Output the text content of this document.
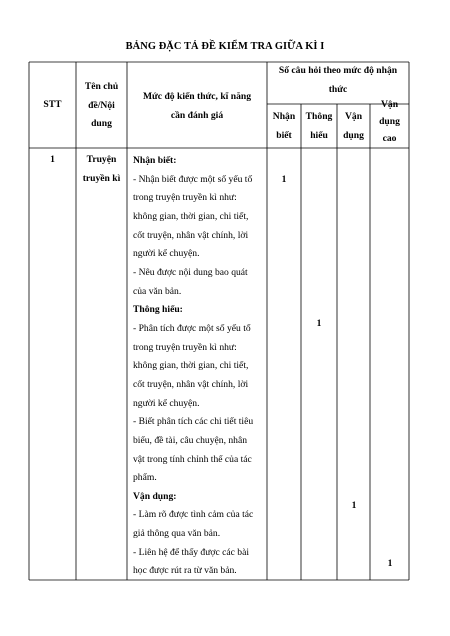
BẢNG ĐẶC TẢ ĐỀ KIỂM TRA GIỮA KÌ I
STT
Tên chủ
đề/Nội
dung
Mức độ kiến thức, kĩ năng
cần đánh giá
Số câu hỏi theo mức độ nhận
thức
Nhận
biết
Thông
hiểu
Vận
dụng
Vận
dụng
cao
1	Truyện
truyền kì
Nhận biết:
- Nhận biết được một số yếu tố
trong truyện truyền kì như:
không gian, thời gian, chi tiết,
cốt truyện, nhân vật chính, lời
người kể chuyện.
- Nêu được nội dung bao quát
của văn bản.
Thông hiểu:
- Phân tích được một số yếu tố
trong truyện truyền kì như:
không gian, thời gian, chi tiết,
cốt truyện, nhân vật chính, lời
người kể chuyện.
- Biết phân tích các chi tiết tiêu
biểu, đề tài, câu chuyện, nhân
vật trong tính chỉnh thể của tác
phẩm.
Vận dụng:
- Làm rõ được tình cảm của tác
giả thông qua văn bản.
- Liên hệ để thấy được các bài
học được rút ra từ văn bản.
1
1
1
1
